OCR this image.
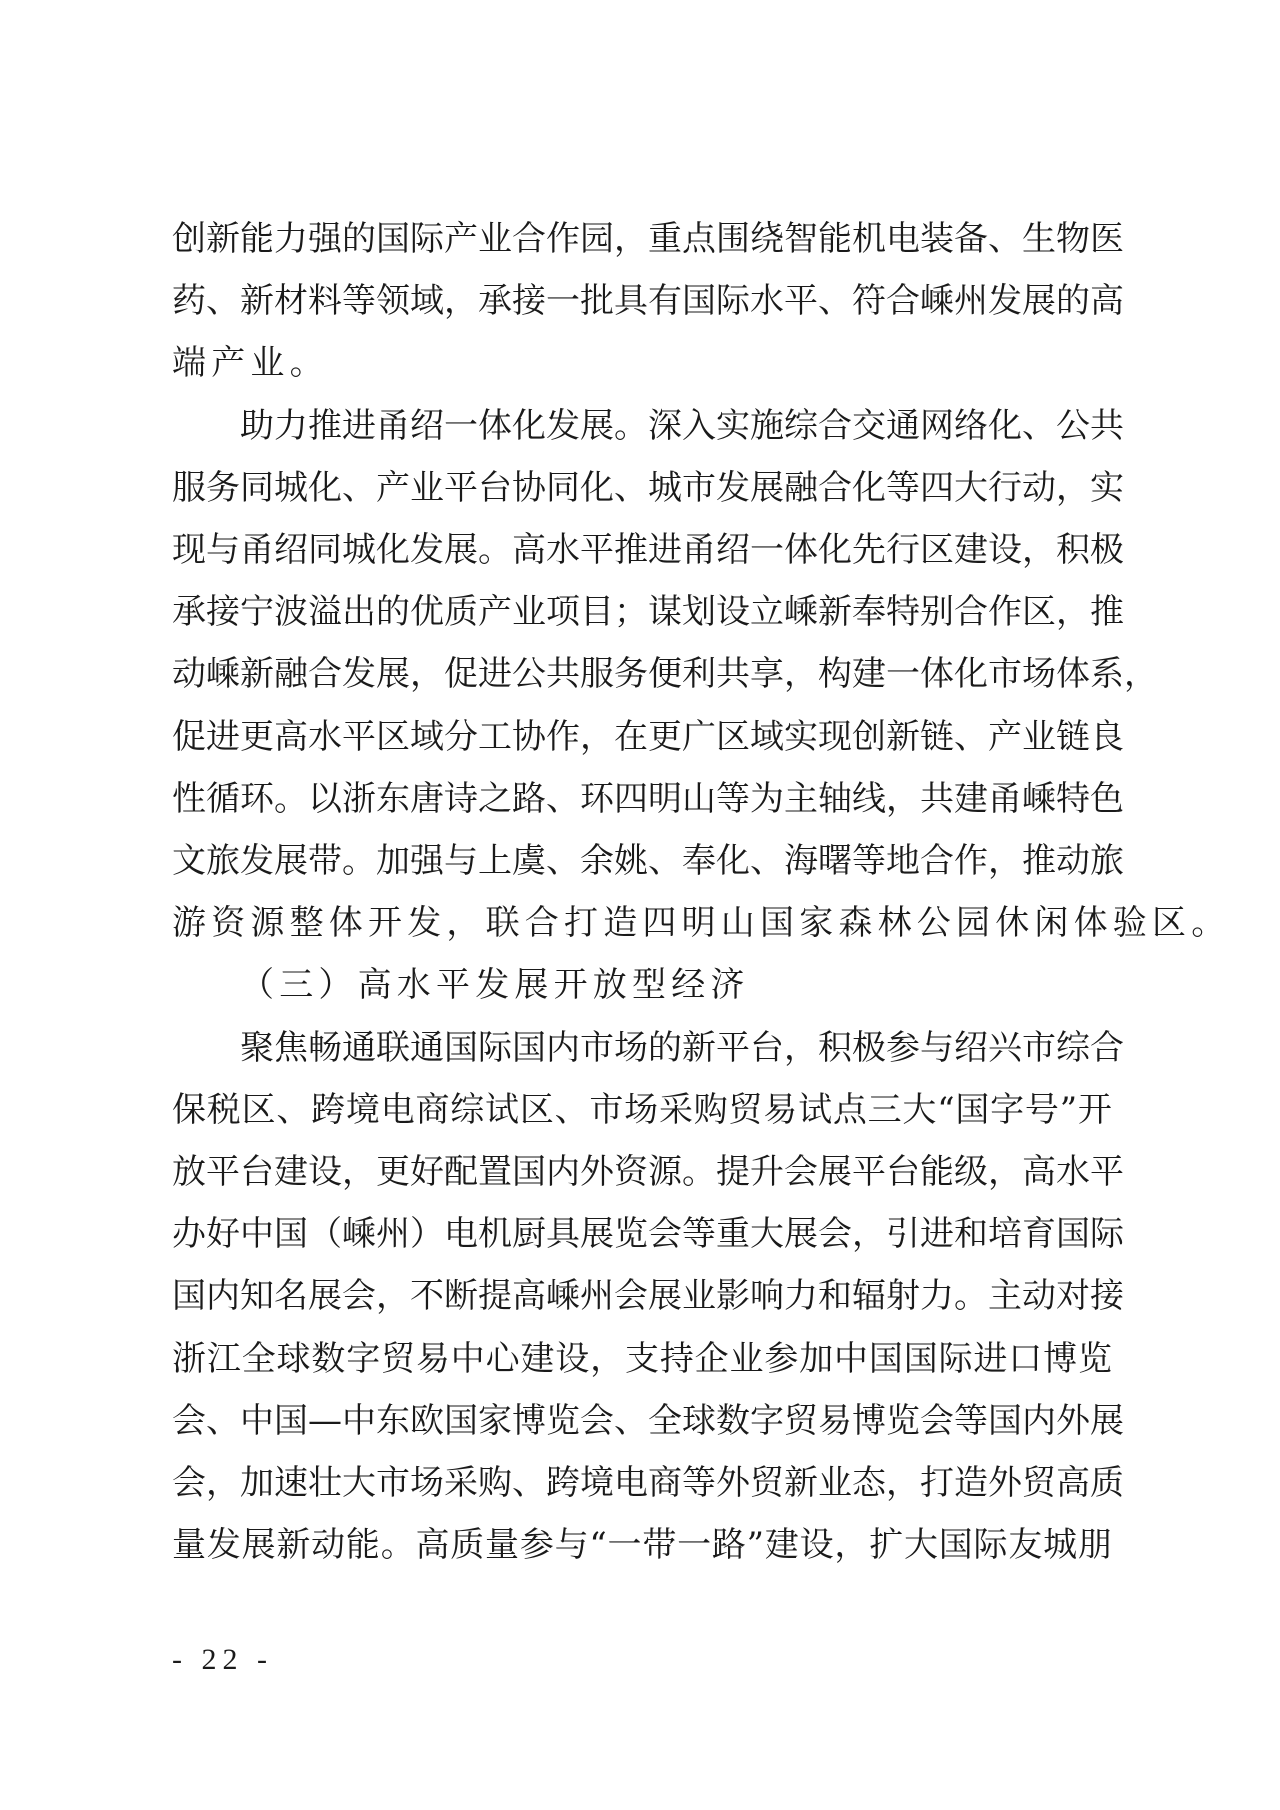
创 新 能 力 强 的 国 际 产 业 合 作 园 ， 重 点 围 绕 智 能 机 电 装 备 、 生 物 医
药 、 新 材 料 等 领 域 ， 承 接 一 批 具 有 国 际 水 平 、 符 合 嵊 州 发 展 的 高
端产业。
助 力 推 进 甬 绍 一 体 化 发 展 。 深 入 实 施 综 合 交 通 网 络 化 、 公 共
服 务 同 城 化 、 产 业 平 台 协 同 化 、 城 市 发 展 融 合 化 等 四 大 行 动 ， 实
现 与 甬 绍 同 城 化 发 展 。 高 水 平 推 进 甬 绍 一 体 化 先 行 区 建 设 ， 积 极
承 接 宁 波 溢 出 的 优 质 产 业 项 目 ； 谋 划 设 立 嵊 新 奉 特 别 合 作 区 ， 推
动 嵊 新 融 合 发 展 ， 促 进 公 共 服 务 便 利 共 享 ， 构 建 一 体 化 市 场 体 系 ，
促 进 更 高 水 平 区 域 分 工 协 作 ， 在 更 广 区 域 实 现 创 新 链 、 产 业 链 良
性 循 环 。 以 浙 东 唐 诗 之 路 、 环 四 明 山 等 为 主 轴 线 ， 共 建 甬 嵊 特 色
文 旅 发 展 带 。 加 强 与 上 虞 、 余 姚 、 奉 化 、 海 曙 等 地 合 作 ， 推 动 旅
游资源整体开发，联合打造四明山国家森林公园休闲体验区。
（三）高水平发展开放型经济
聚 焦 畅 通 联 通 国 际 国 内 市 场 的 新 平 台 ， 积 极 参 与 绍 兴 市 综 合
保 税 区 、 跨 境 电 商 综 试 区 、 市 场 采 购 贸 易 试 点 三 大 “ 国 字 号 ” 开
放 平 台 建 设 ， 更 好 配 置 国 内 外 资 源 。 提 升 会 展 平 台 能 级 ， 高 水 平
办 好 中 国 （ 嵊 州 ） 电 机 厨 具 展 览 会 等 重 大 展 会 ， 引 进 和 培 育 国 际
国 内 知 名 展 会 ， 不 断 提 高 嵊 州 会 展 业 影 响 力 和 辐 射 力 。 主 动 对 接
浙 江 全 球 数 字 贸 易 中 心 建 设 ， 支 持 企 业 参 加 中 国 国 际 进 口 博 览
会 、 中 国 — 中 东 欧 国 家 博 览 会 、 全 球 数 字 贸 易 博 览 会 等 国 内 外 展
会 ， 加 速 壮 大 市 场 采 购 、 跨 境 电 商 等 外 贸 新 业 态 ， 打 造 外 贸 高 质
量 发 展 新 动 能 。 高 质 量 参 与 “ 一 带 一 路 ” 建 设 ， 扩 大 国 际 友 城 朋
- 22 -
